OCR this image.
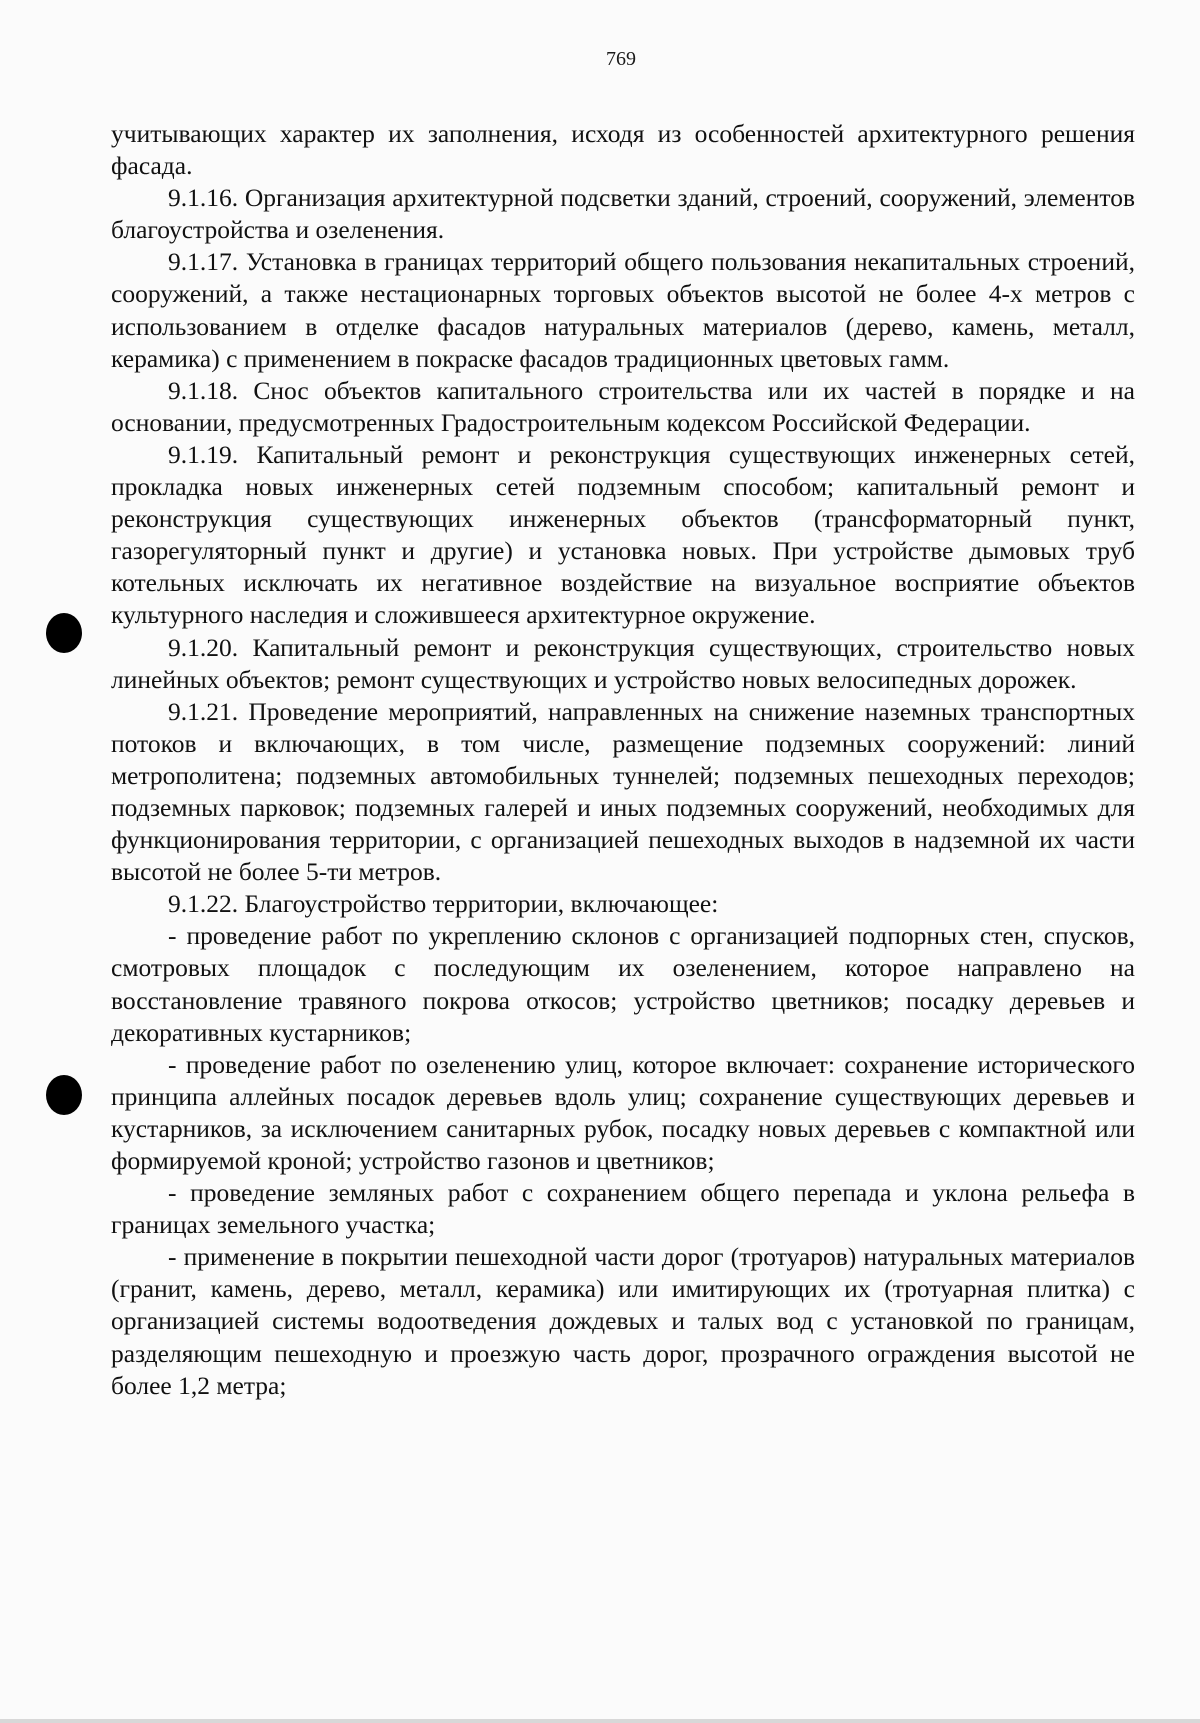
769

учитывающих характер их заполнения, исходя из особенностей архитектурного решения фасада.

9.1.16. Организация архитектурной подсветки зданий, строений, сооружений, элементов благоустройства и озеленения.

9.1.17. Установка в границах территорий общего пользования некапитальных строений, сооружений, а также нестационарных торговых объектов высотой не более 4-х метров с использованием в отделке фасадов натуральных материалов (дерево, камень, металл, керамика) с применением в покраске фасадов традиционных цветовых гамм.

9.1.18. Снос объектов капитального строительства или их частей в порядке и на основании, предусмотренных Градостроительным кодексом Российской Федерации.

9.1.19. Капитальный ремонт и реконструкция существующих инженерных сетей, прокладка новых инженерных сетей подземным способом; капитальный ремонт и реконструкция существующих инженерных объектов (трансформаторный пункт, газорегуляторный пункт и другие) и установка новых. При устройстве дымовых труб котельных исключать их негативное воздействие на визуальное восприятие объектов культурного наследия и сложившееся архитектурное окружение.

9.1.20. Капитальный ремонт и реконструкция существующих, строительство новых линейных объектов; ремонт существующих и устройство новых велосипедных дорожек.

9.1.21. Проведение мероприятий, направленных на снижение наземных транспортных потоков и включающих, в том числе, размещение подземных сооружений: линий метрополитена; подземных автомобильных туннелей; подземных пешеходных переходов; подземных парковок; подземных галерей и иных подземных сооружений, необходимых для функционирования территории, с организацией пешеходных выходов в надземной их части высотой не более 5-ти метров.

9.1.22. Благоустройство территории, включающее:

- проведение работ по укреплению склонов с организацией подпорных стен, спусков, смотровых площадок с последующим их озеленением, которое направлено на восстановление травяного покрова откосов; устройство цветников; посадку деревьев и декоративных кустарников;

- проведение работ по озеленению улиц, которое включает: сохранение исторического принципа аллейных посадок деревьев вдоль улиц; сохранение существующих деревьев и кустарников, за исключением санитарных рубок, посадку новых деревьев с компактной или формируемой кроной; устройство газонов и цветников;

- проведение земляных работ с сохранением общего перепада и уклона рельефа в границах земельного участка;

- применение в покрытии пешеходной части дорог (тротуаров) натуральных материалов (гранит, камень, дерево, металл, керамика) или имитирующих их (тротуарная плитка) с организацией системы водоотведения дождевых и талых вод с установкой по границам, разделяющим пешеходную и проезжую часть дорог, прозрачного ограждения высотой не более 1,2 метра;
